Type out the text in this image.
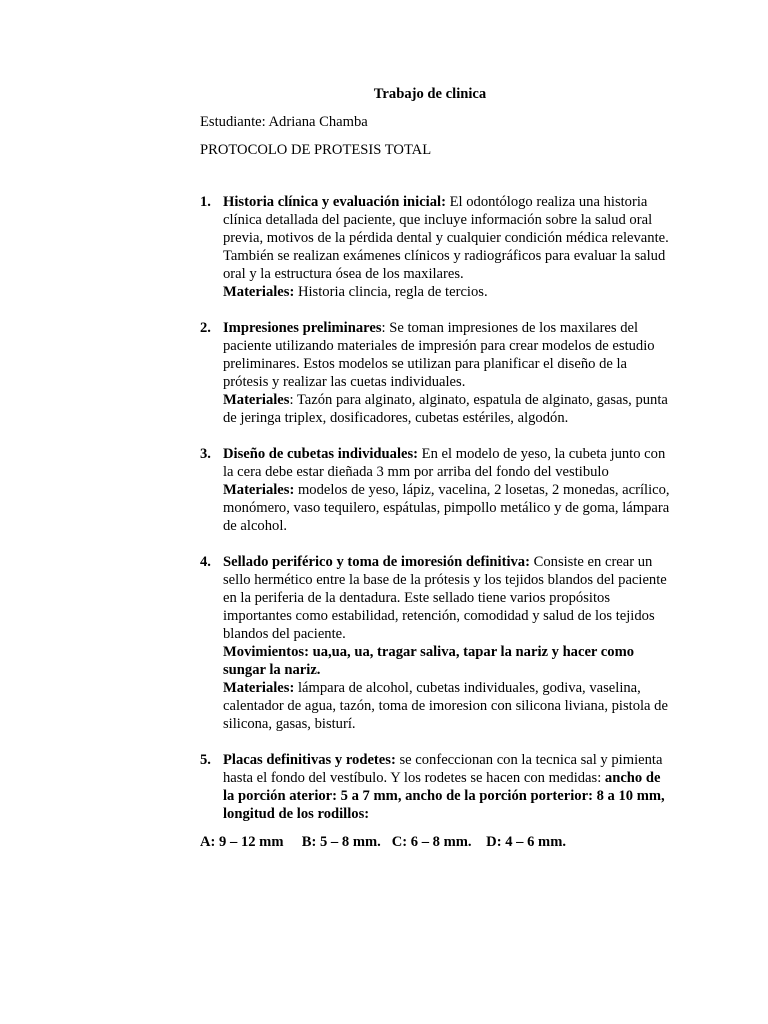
Trabajo de clinica

Estudiante: Adriana Chamba

PROTOCOLO DE PROTESIS TOTAL

1. Historia clínica y evaluación inicial: El odontólogo realiza una historia clínica detallada del paciente, que incluye información sobre la salud oral previa, motivos de la pérdida dental y cualquier condición médica relevante. También se realizan exámenes clínicos y radiográficos para evaluar la salud oral y la estructura ósea de los maxilares.

Materiales: Historia clincia, regla de tercios.

2. Impresiones preliminares: Se toman impresiones de los maxilares del paciente utilizando materiales de impresión para crear modelos de estudio preliminares. Estos modelos se utilizan para planificar el diseño de la prótesis y realizar las cuetas individuales.

Materiales: Tazón para alginato, alginato, espatula de alginato, gasas, punta de jeringa triplex, dosificadores, cubetas estériles, algodón.

3. Diseño de cubetas individuales: En el modelo de yeso, la cubeta junto con la cera debe estar dieñada 3 mm por arriba del fondo del vestibulo

Materiales: modelos de yeso, lápiz, vacelina, 2 losetas, 2 monedas, acrílico, monómero, vaso tequilero, espátulas, pimpollo metálico y de goma, lámpara de alcohol.

4. Sellado periférico y toma de imoresión definitiva: Consiste en crear un sello hermético entre la base de la prótesis y los tejidos blandos del paciente en la periferia de la dentadura. Este sellado tiene varios propósitos importantes como estabilidad, retención, comodidad y salud de los tejidos blandos del paciente.

Movimientos: ua,ua, ua, tragar saliva, tapar la nariz y hacer como sungar la nariz.

Materiales: lámpara de alcohol, cubetas individuales, godiva, vaselina, calentador de agua, tazón, toma de imoresion con silicona liviana, pistola de silicona, gasas, bisturí.

5. Placas definitivas y rodetes: se confeccionan con la tecnica sal y pimienta hasta el fondo del vestíbulo. Y los rodetes se hacen con medidas: ancho de la porción aterior: 5 a 7 mm, ancho de la porción porterior: 8 a 10 mm, longitud de los rodillos:

A: 9 – 12 mm     B: 5 – 8 mm.   C: 6 – 8 mm.    D: 4 – 6 mm.
